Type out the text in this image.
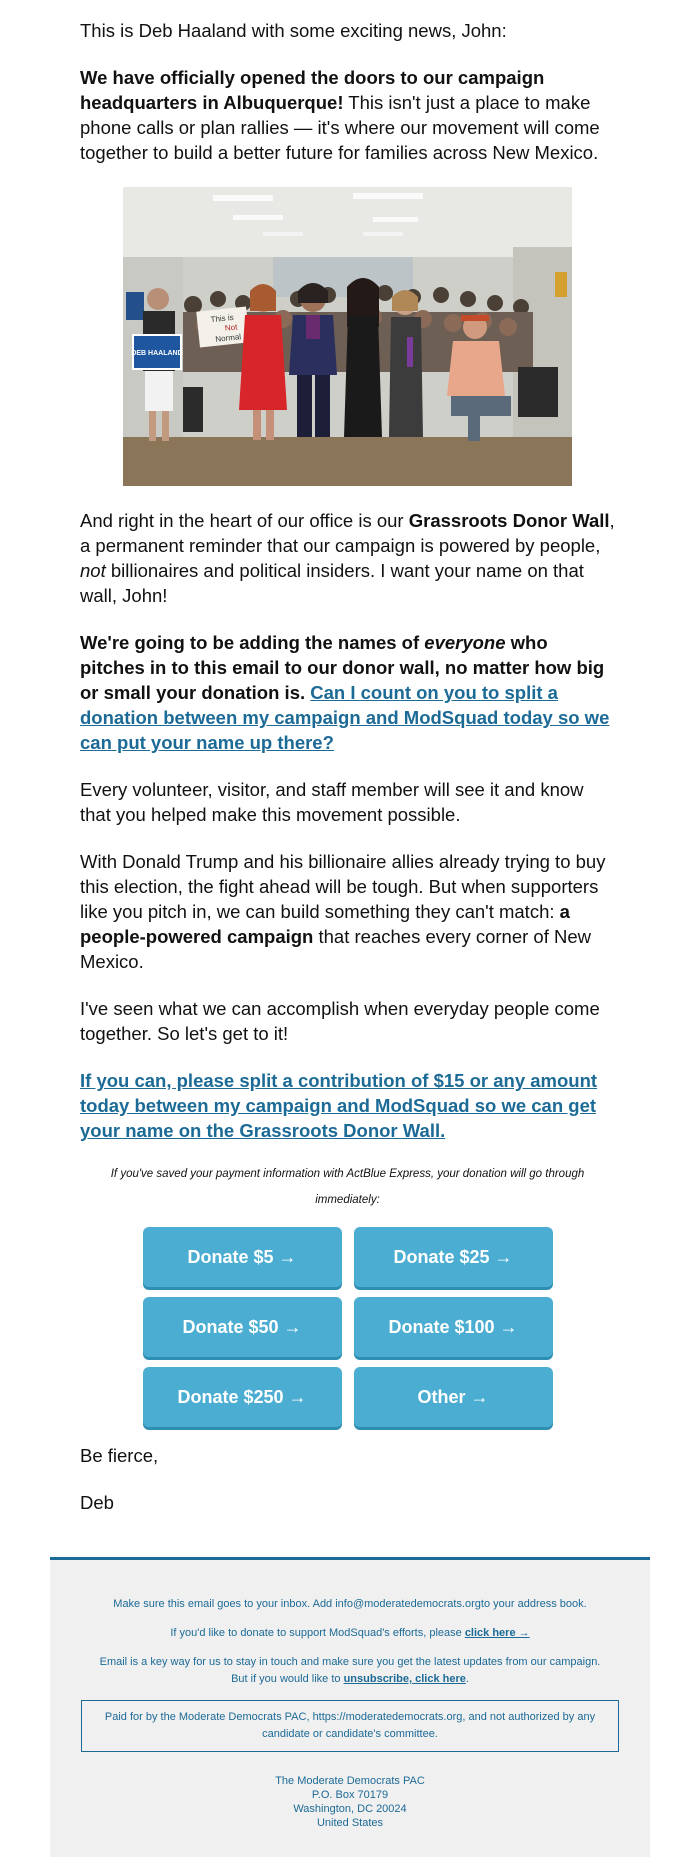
This is Deb Haaland with some exciting news, John:

We have officially opened the doors to our campaign headquarters in Albuquerque! This isn't just a place to make phone calls or plan rallies — it's where our movement will come together to build a better future for families across New Mexico.

DEB HAALAND
This is
Not
Normal

And right in the heart of our office is our Grassroots Donor Wall, a permanent reminder that our campaign is powered by people, not billionaires and political insiders. I want your name on that wall, John!

We're going to be adding the names of everyone who pitches in to this email to our donor wall, no matter how big or small your donation is. Can I count on you to split a donation between my campaign and ModSquad today so we can put your name up there?

Every volunteer, visitor, and staff member will see it and know that you helped make this movement possible.

With Donald Trump and his billionaire allies already trying to buy this election, the fight ahead will be tough. But when supporters like you pitch in, we can build something they can't match: a people-powered campaign that reaches every corner of New Mexico.

I've seen what we can accomplish when everyday people come together. So let's get to it!

If you can, please split a contribution of $15 or any amount today between my campaign and ModSquad so we can get your name on the Grassroots Donor Wall.

If you've saved your payment information with ActBlue Express, your donation will go through immediately:
Donate $5 →	Donate $25 →
Donate $50 →	Donate $100 →
Donate $250 →	Other →

Be fierce,

Deb

Make sure this email goes to your inbox. Add info@moderatedemocrats.orgto your address book.

If you'd like to donate to support ModSquad's efforts, please click here →

Email is a key way for us to stay in touch and make sure you get the latest updates from our campaign. But if you would like to unsubscribe, click here.

Paid for by the Moderate Democrats PAC, https://moderatedemocrats.org, and not authorized by any candidate or candidate's committee.
The Moderate Democrats PAC
P.O. Box 70179
Washington, DC 20024
United States
